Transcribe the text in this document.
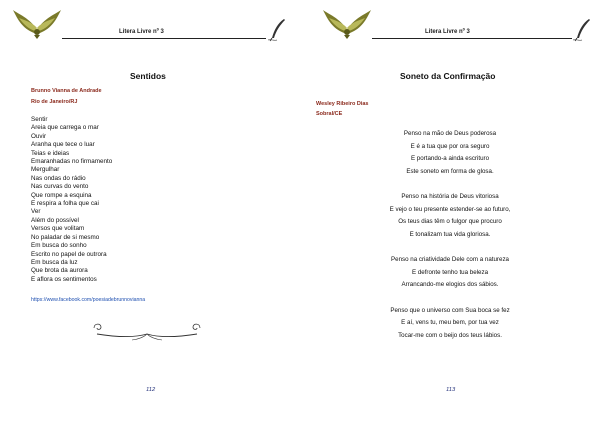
Litera Livre nº 3
Sentidos
Brunno Vianna de Andrade
Rio de Janeiro/RJ
Sentir
Areia que carrega o mar
Ouvir
Aranha que tece o luar
Teias e ideias
Emaranhadas no firmamento
Mergulhar
Nas ondas do rádio
Nas curvas do vento
Que rompe a esquina
E respira a folha que cai
Ver
Além do possível
Versos que volitam
No paladar de si mesmo
Em busca do sonho
Escrito no papel de outrora
Em busca da luz
Que brota da aurora
E aflora os sentimentos
https://www.facebook.com/poesiadebrunnovianna
112
Litera Livre nº 3
Soneto da Confirmação
Wesley Ribeiro Dias
Sobral/CE
Penso na mão de Deus poderosa
E é a tua que por ora seguro
E portando-a ainda escrituro
Este soneto em forma de glosa.
Penso na história de Deus vitoriosa
E vejo o teu presente estender-se ao futuro,
Os teus dias têm o fulgor que procuro
E tonalizam tua vida gloriosa.
Penso na criatividade Dele com a natureza
E defronte tenho tua beleza
Arrancando-me elogios dos sábios.
Penso que o universo com Sua boca se fez
E aí, vens tu, meu bem, por tua vez
Tocar-me com o beijo dos teus lábios.
113
